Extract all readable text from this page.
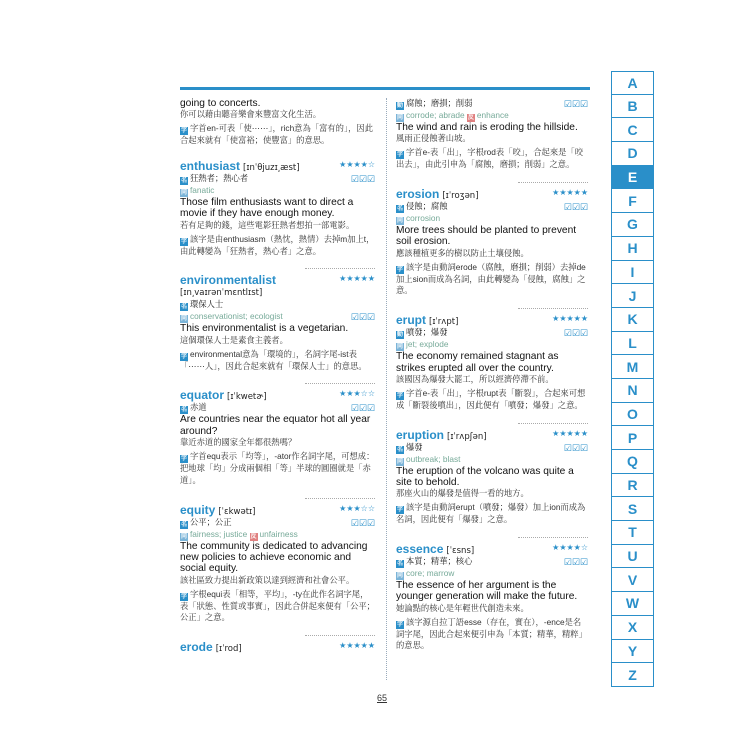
going to concerts.
你可以藉由聽音樂會來豐富文化生活。
字 字首en-可表「使⋯⋯」，rich意為「富有的」，因此合起來就有「使富裕；使豐富」的意思。
enthusiast [ɪnˈθjuzɪ͵æst]	★★★★☆
名 狂熱者；熱心者	☑☑☑
同 fanatic
Those film enthusiasts want to direct a movie if they have enough money.
若有足夠的錢，這些電影狂熱者想拍一部電影。
字 該字是由enthusiasm（熱忱，熱情）去掉m加上t，由此轉變為「狂熱者，熱心者」之意。
environmentalist	★★★★★
[ɪn͵vaɪrənˈmɛntlɪst]
名 環保人士
同 conservationist; ecologist	☑☑☑
This environmentalist is a vegetarian.
這個環保人士是素食主義者。
字 environmental意為「環境的」，名詞字尾-ist表「⋯⋯人」，因此合起來就有「環保人士」的意思。
equator [ɪˈkwetɚ]	★★★☆☆
名 赤道	☑☑☑
Are countries near the equator hot all year around?
靠近赤道的國家全年都很熱嗎？
字 字首equ表示「均等」，-ator作名詞字尾，可想成：把地球「均」分成兩個相「等」半球的圓圈就是「赤道」。
equity [ˈɛkwətɪ]	★★★☆☆
名 公平；公正	☑☑☑
同 fairness; justice 反 unfairness
The community is dedicated to advancing new policies to achieve economic and social equity.
該社區致力提出新政策以達到經濟和社會公平。
字 字根equi表「相等，平均」，-ty在此作名詞字尾，表「狀態、性質或事實」，因此合併起來便有「公平；公正」之意。
erode [ɪˈrod]	★★★★★
動 腐蝕；磨損；削弱	☑☑☑
同 corrode; abrade 反 enhance
The wind and rain is eroding the hillside.
風雨正侵蝕著山坡。
字 字首e-表「出」，字根rod表「咬」，合起來是「咬出去」，由此引申為「腐蝕，磨損；削弱」之意。
erosion [ɪˈroʒən]	★★★★★
名 侵蝕；腐蝕	☑☑☑
同 corrosion
More trees should be planted to prevent soil erosion.
應該種植更多的樹以防止土壤侵蝕。
字 該字是由動詞erode（腐蝕，磨損；削弱）去掉de加上sion而成為名詞，由此轉變為「侵蝕，腐蝕」之意。
erupt [ɪˈrʌpt]	★★★★★
動 噴發；爆發	☑☑☑
同 jet; explode
The economy remained stagnant as strikes erupted all over the country.
該國因為爆發大罷工，所以經濟停滯不前。
字 字首e-表「出」，字根rupt表「斷裂」，合起來可想成「斷裂後噴出」，因此便有「噴發；爆發」之意。
eruption [ɪˈrʌpʃən]	★★★★★
名 爆發	☑☑☑
同 outbreak; blast
The eruption of the volcano was quite a site to behold.
那座火山的爆發是值得一看的地方。
字 該字是由動詞erupt（噴發；爆發）加上ion而成為名詞，因此便有「爆發」之意。
essence [ˈɛsns]	★★★★☆
名 本質；精華；核心	☑☑☑
同 core; marrow
The essence of her argument is the younger generation will make the future.
她論點的核心是年輕世代創造未來。
字 該字源自拉丁語esse（存在，實在），-ence是名詞字尾，因此合起來便引申為「本質；精華，精粹」的意思。
A
B
C
D
E
F
G
H
I
J
K
L
M
N
O
P
Q
R
S
T
U
V
W
X
Y
Z
65
